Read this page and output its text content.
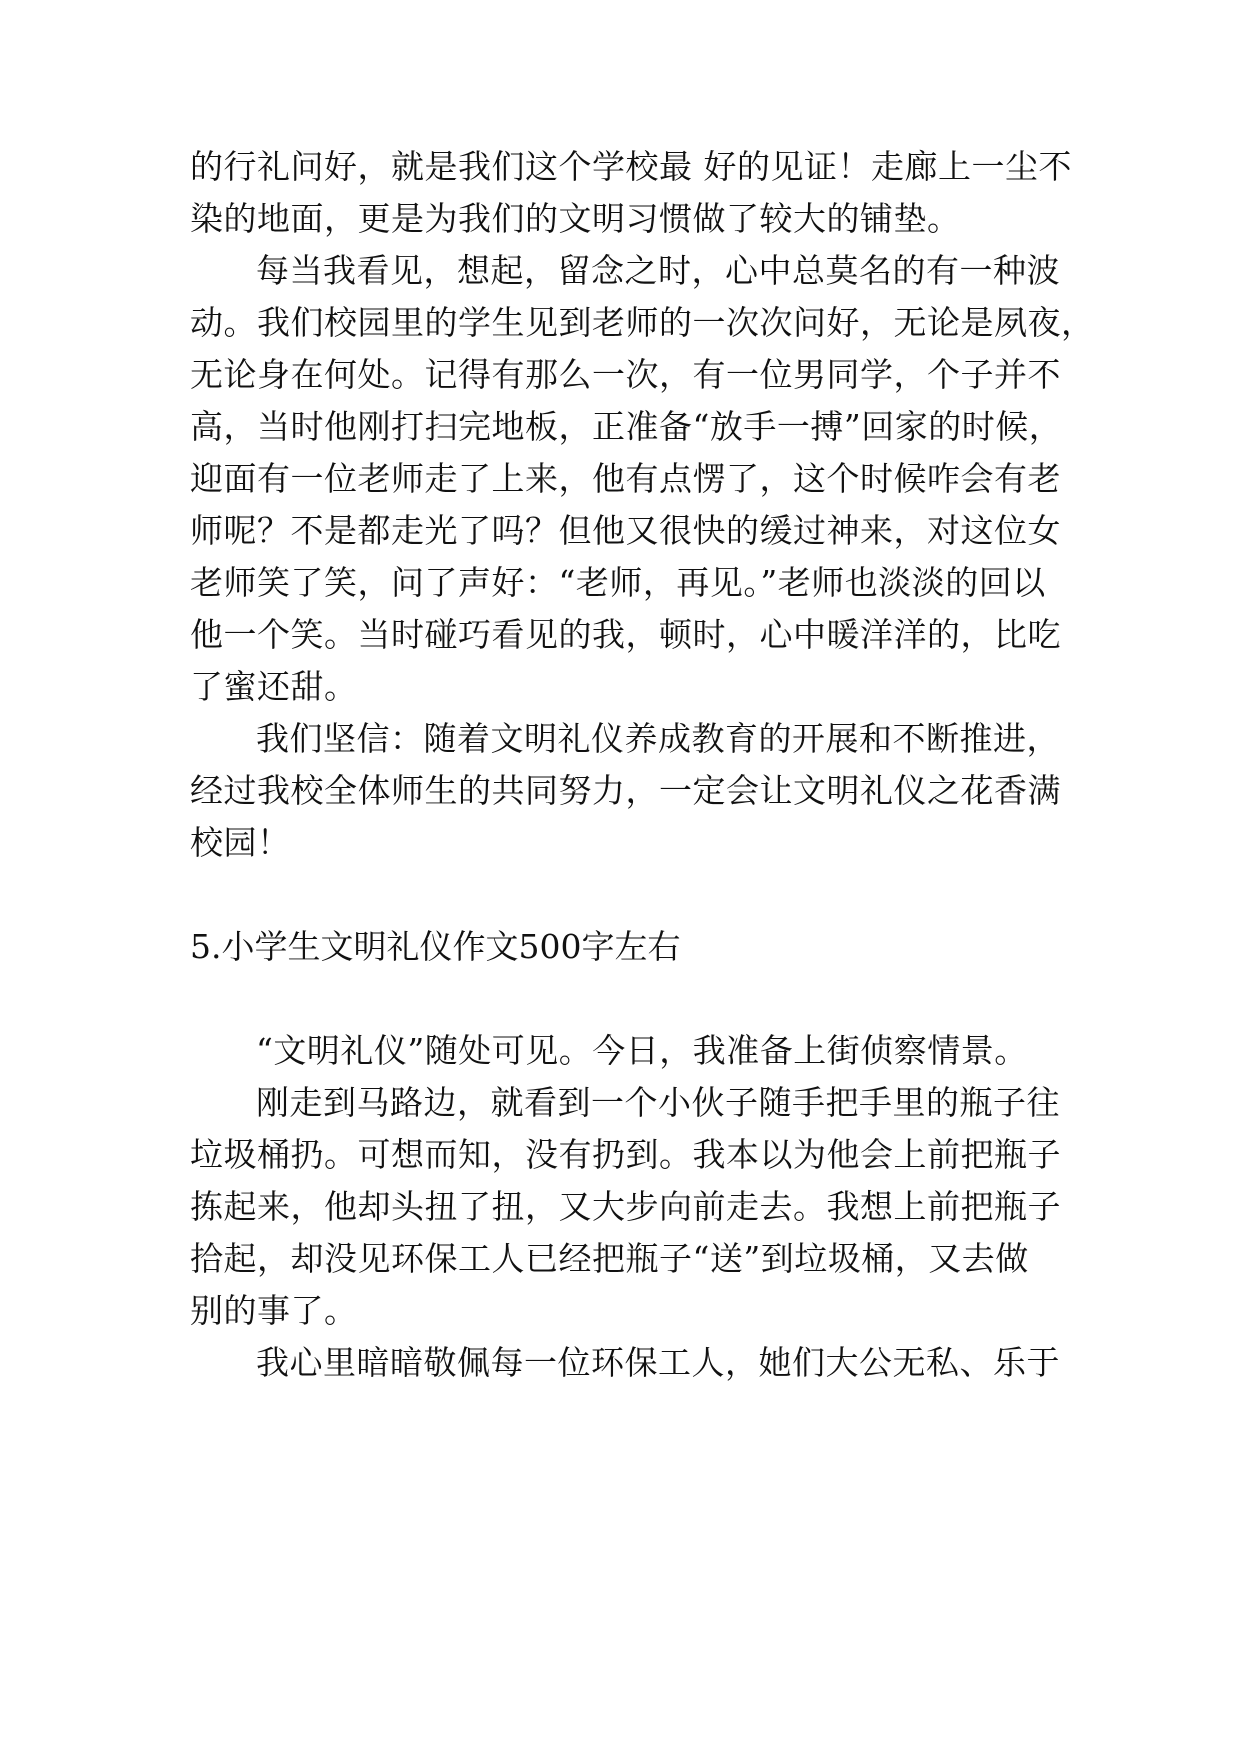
的行礼问好，就是我们这个学校最 好的见证！走廊上一尘不
染的地面，更是为我们的文明习惯做了较大的铺垫。
每当我看见，想起，留念之时，心中总莫名的有一种波
动。我们校园里的学生见到老师的一次次问好，无论是夙夜，
无论身在何处。记得有那么一次，有一位男同学，个子并不
高，当时他刚打扫完地板，正准备“放手一搏”回家的时候，
迎面有一位老师走了上来，他有点愣了，这个时候咋会有老
师呢？不是都走光了吗？但他又很快的缓过神来，对这位女
老师笑了笑，问了声好：“老师，再见。”老师也淡淡的回以
他一个笑。当时碰巧看见的我，顿时，心中暖洋洋的，比吃
了蜜还甜。
我们坚信：随着文明礼仪养成教育的开展和不断推进，
经过我校全体师生的共同努力，一定会让文明礼仪之花香满
校园！
5.小学生文明礼仪作文500字左右
“文明礼仪”随处可见。今日，我准备上街侦察情景。
刚走到马路边，就看到一个小伙子随手把手里的瓶子往
垃圾桶扔。可想而知，没有扔到。我本以为他会上前把瓶子
拣起来，他却头扭了扭，又大步向前走去。我想上前把瓶子
拾起，却没见环保工人已经把瓶子“送”到垃圾桶，又去做
别的事了。
我心里暗暗敬佩每一位环保工人，她们大公无私、乐于
